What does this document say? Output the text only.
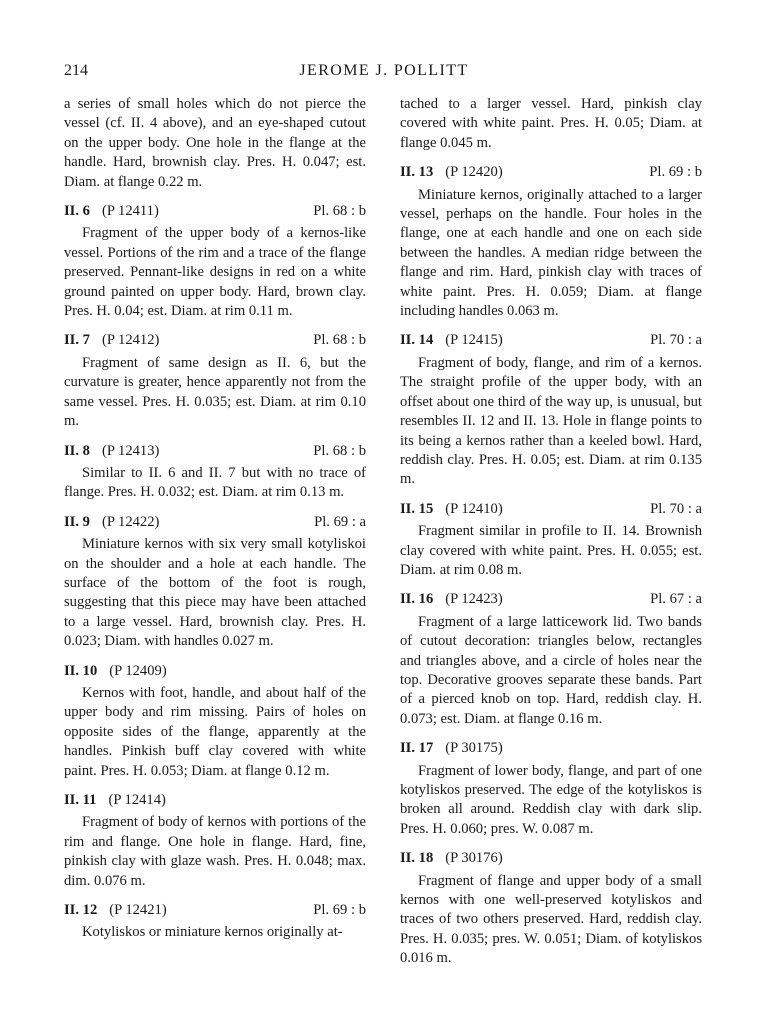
214	JEROME J. POLLITT

a series of small holes which do not pierce the vessel (cf. II. 4 above), and an eye-shaped cutout on the upper body. One hole in the flange at the handle. Hard, brownish clay. Pres. H. 0.047; est. Diam. at flange 0.22 m.

II. 6 (P 12411)	Pl. 68 : b

Fragment of the upper body of a kernos-like vessel. Portions of the rim and a trace of the flange preserved. Pennant-like designs in red on a white ground painted on upper body. Hard, brown clay. Pres. H. 0.04; est. Diam. at rim 0.11 m.

II. 7 (P 12412)	Pl. 68 : b

Fragment of same design as II. 6, but the curvature is greater, hence apparently not from the same vessel. Pres. H. 0.035; est. Diam. at rim 0.10 m.

II. 8 (P 12413)	Pl. 68 : b

Similar to II. 6 and II. 7 but with no trace of flange. Pres. H. 0.032; est. Diam. at rim 0.13 m.

II. 9 (P 12422)	Pl. 69 : a

Miniature kernos with six very small kotyliskoi on the shoulder and a hole at each handle. The surface of the bottom of the foot is rough, suggesting that this piece may have been attached to a large vessel. Hard, brownish clay. Pres. H. 0.023; Diam. with handles 0.027 m.

II. 10 (P 12409)

Kernos with foot, handle, and about half of the upper body and rim missing. Pairs of holes on opposite sides of the flange, apparently at the handles. Pinkish buff clay covered with white paint. Pres. H. 0.053; Diam. at flange 0.12 m.

II. 11 (P 12414)

Fragment of body of kernos with portions of the rim and flange. One hole in flange. Hard, fine, pinkish clay with glaze wash. Pres. H. 0.048; max. dim. 0.076 m.

II. 12 (P 12421)	Pl. 69 : b

Kotyliskos or miniature kernos originally at-

tached to a larger vessel. Hard, pinkish clay covered with white paint. Pres. H. 0.05; Diam. at flange 0.045 m.

II. 13 (P 12420)	Pl. 69 : b

Miniature kernos, originally attached to a larger vessel, perhaps on the handle. Four holes in the flange, one at each handle and one on each side between the handles. A median ridge between the flange and rim. Hard, pinkish clay with traces of white paint. Pres. H. 0.059; Diam. at flange including handles 0.063 m.

II. 14 (P 12415)	Pl. 70 : a

Fragment of body, flange, and rim of a kernos. The straight profile of the upper body, with an offset about one third of the way up, is unusual, but resembles II. 12 and II. 13. Hole in flange points to its being a kernos rather than a keeled bowl. Hard, reddish clay. Pres. H. 0.05; est. Diam. at rim 0.135 m.

II. 15 (P 12410)	Pl. 70 : a

Fragment similar in profile to II. 14. Brownish clay covered with white paint. Pres. H. 0.055; est. Diam. at rim 0.08 m.

II. 16 (P 12423)	Pl. 67 : a

Fragment of a large latticework lid. Two bands of cutout decoration: triangles below, rectangles and triangles above, and a circle of holes near the top. Decorative grooves separate these bands. Part of a pierced knob on top. Hard, reddish clay. H. 0.073; est. Diam. at flange 0.16 m.

II. 17 (P 30175)

Fragment of lower body, flange, and part of one kotyliskos preserved. The edge of the kotyliskos is broken all around. Reddish clay with dark slip. Pres. H. 0.060; pres. W. 0.087 m.

II. 18 (P 30176)

Fragment of flange and upper body of a small kernos with one well-preserved kotyliskos and traces of two others preserved. Hard, reddish clay. Pres. H. 0.035; pres. W. 0.051; Diam. of kotyliskos 0.016 m.
